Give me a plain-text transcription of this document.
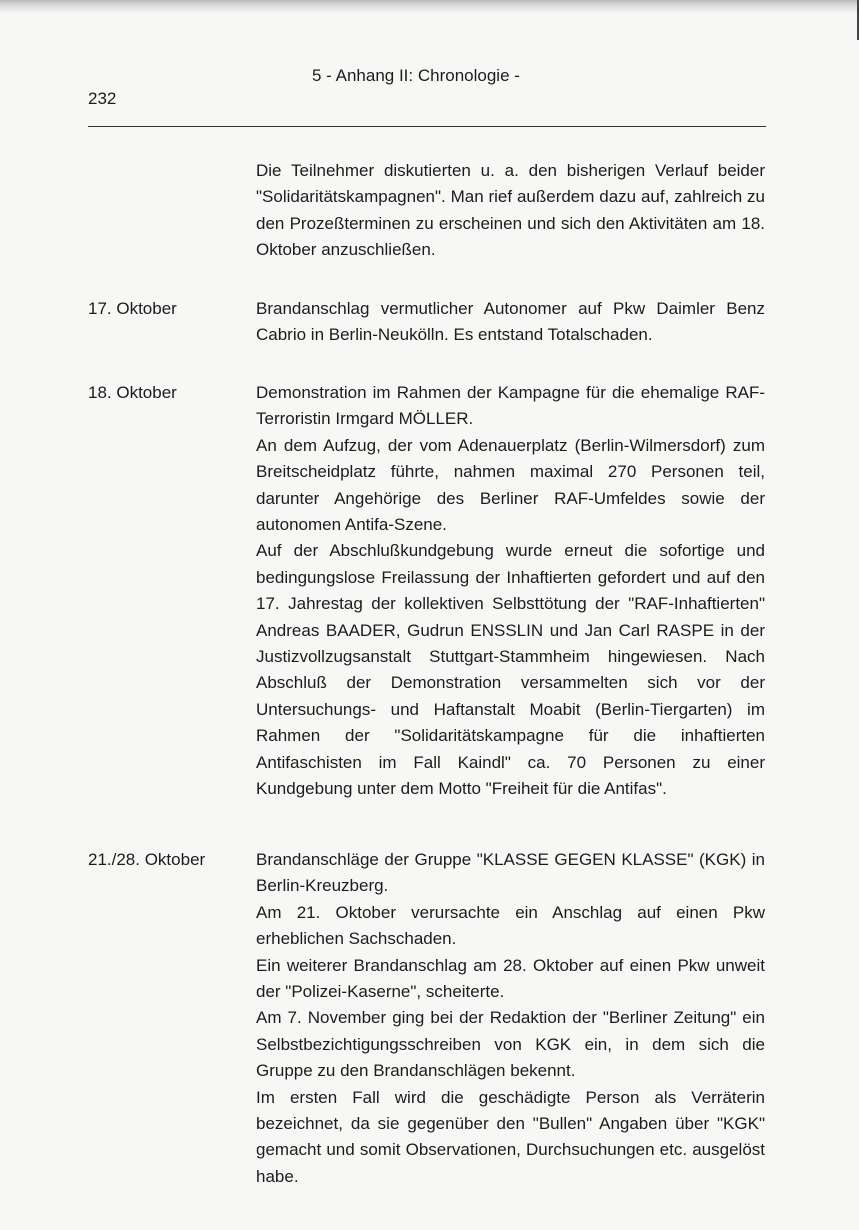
232
5 - Anhang II: Chronologie -

Die Teilnehmer diskutierten u. a. den bisherigen Verlauf beider "Solidaritätskampagnen". Man rief außerdem dazu auf, zahlreich zu den Prozeßterminen zu erscheinen und sich den Aktivitäten am 18. Oktober anzuschließen.

17. Oktober	Brandanschlag vermutlicher Autonomer auf Pkw Daimler Benz Cabrio in Berlin-Neukölln. Es entstand Totalschaden.

18. Oktober	Demonstration im Rahmen der Kampagne für die ehemalige RAF-Terroristin Irmgard MÖLLER.

An dem Aufzug, der vom Adenauerplatz (Berlin-Wilmersdorf) zum Breitscheidplatz führte, nahmen maximal 270 Personen teil, darunter Angehörige des Berliner RAF-Umfeldes sowie der autonomen Antifa-Szene.

Auf der Abschlußkundgebung wurde erneut die sofortige und bedingungslose Freilassung der Inhaftierten gefordert und auf den 17. Jahrestag der kollektiven Selbsttötung der "RAF-Inhaftierten" Andreas BAADER, Gudrun ENSSLIN und Jan Carl RASPE in der Justizvollzugsanstalt Stuttgart-Stammheim hingewiesen. Nach Abschluß der Demonstration versammelten sich vor der Untersuchungs- und Haftanstalt Moabit (Berlin-Tiergarten) im Rahmen der "Solidaritätskampagne für die inhaftierten Antifaschisten im Fall Kaindl" ca. 70 Personen zu einer Kundgebung unter dem Motto "Freiheit für die Antifas".

21./28. Oktober	Brandanschläge der Gruppe "KLASSE GEGEN KLASSE" (KGK) in Berlin-Kreuzberg.

Am 21. Oktober verursachte ein Anschlag auf einen Pkw erheblichen Sachschaden.

Ein weiterer Brandanschlag am 28. Oktober auf einen Pkw unweit der "Polizei-Kaserne", scheiterte.

Am 7. November ging bei der Redaktion der "Berliner Zeitung" ein Selbstbezichtigungsschreiben von KGK ein, in dem sich die Gruppe zu den Brandanschlägen bekennt.

Im ersten Fall wird die geschädigte Person als Verräterin bezeichnet, da sie gegenüber den "Bullen" Angaben über "KGK" gemacht und somit Observationen, Durchsuchungen etc. ausgelöst habe.
